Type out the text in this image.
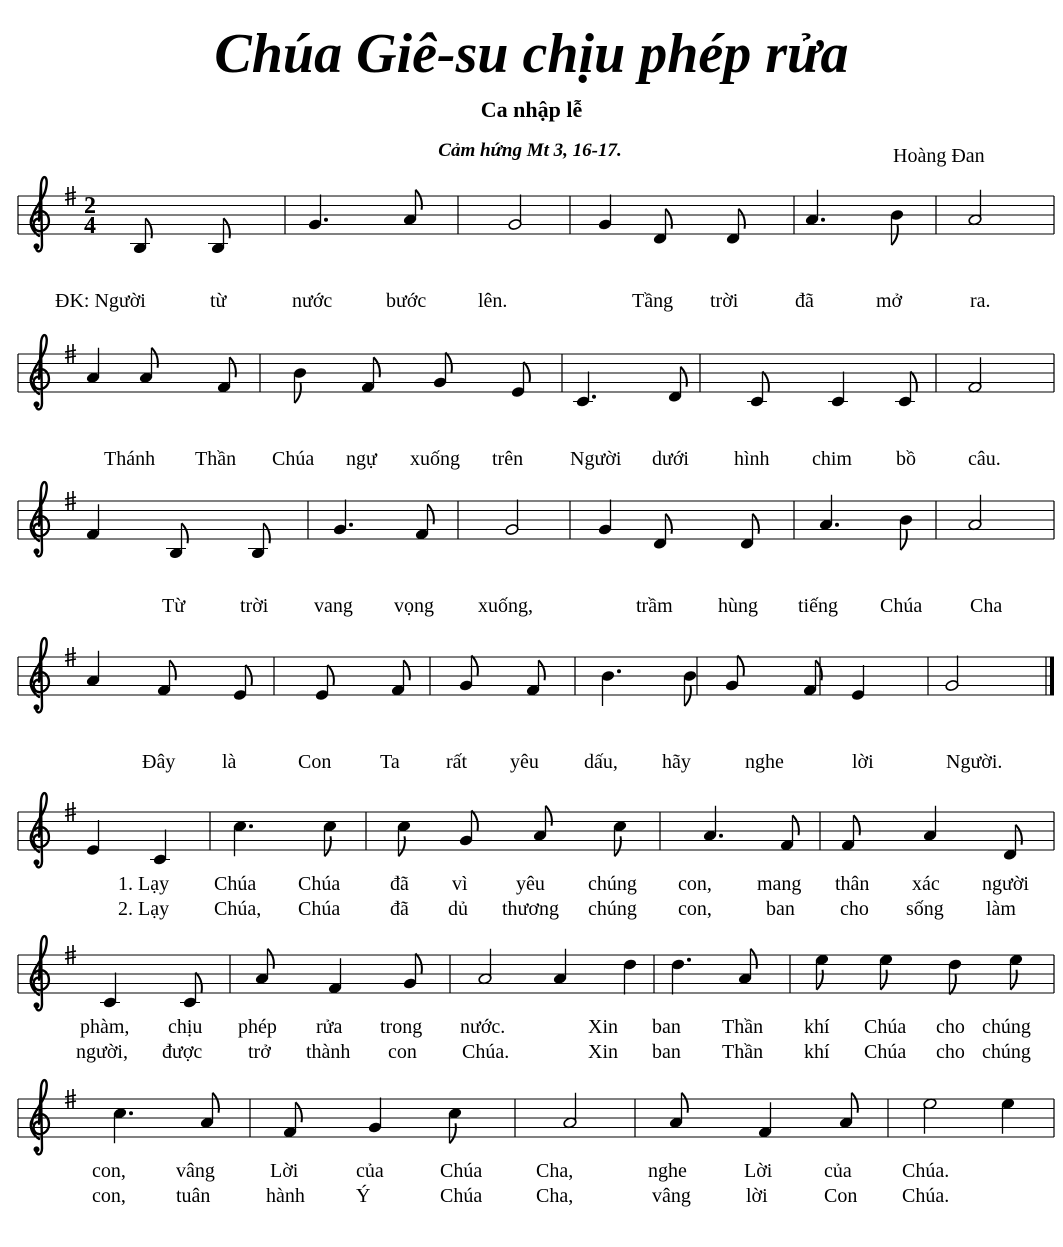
Chúa Giê-su chịu phép rửa
Ca nhập lễ
Cảm hứng Mt 3, 16-17.	Hoàng Đan
2
4
ĐK: Người	từ	nước	bước	lên.	Tầng trời	đã	mở	ra.
Thánh Thần Chúa ngự xuống trên Người dưới hình chim bồ	câu.
Từ	trời vang vọng xuống,	trầm hùng tiếng Chúa Cha
Đây là	Con Ta rất yêu dấu, hãy	nghe	lời	Người.
1. Lạy Chúa Chúa đã vì yêu chúng con, mang thân xác người
2. Lạy Chúa, Chúa đã dủ thương chúng con,	ban cho sống làm
phàm, chịu phép rửa trong nước.	Xin ban Thần khí Chúa cho chúng
người, được trở thành con Chúa.	Xin ban Thần khí Chúa cho chúng
con,	vâng	Lời	của	Chúa	Cha,	nghe	Lời	của	Chúa.
con,	tuân	hành	Ý	Chúa	Cha,	vâng	lời	Con Chúa.
